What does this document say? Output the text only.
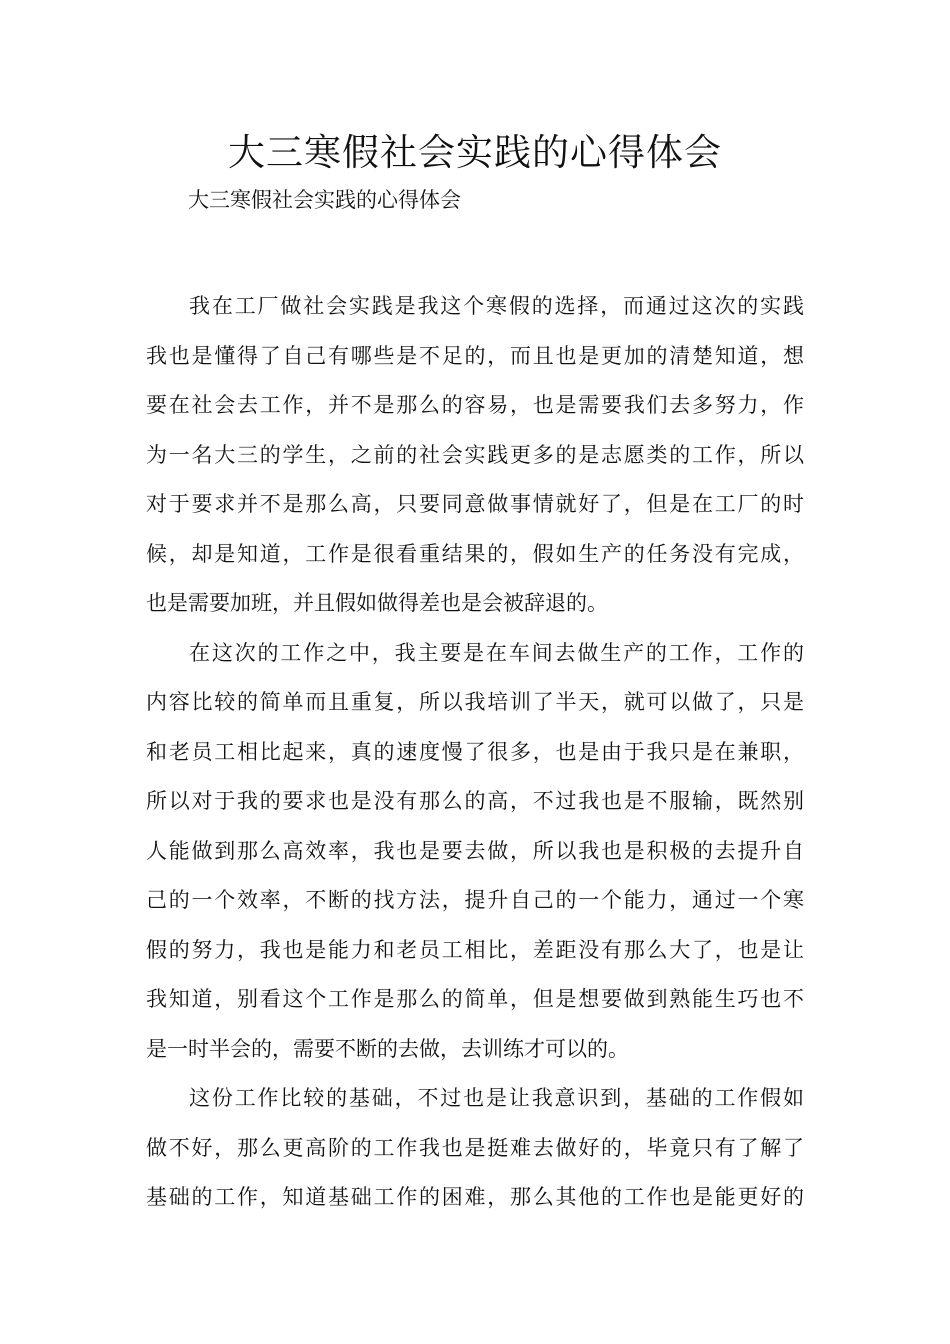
大三寒假社会实践的心得体会

大三寒假社会实践的心得体会

我在工厂做社会实践是我这个寒假的选择，而通过这次的实践
我也是懂得了自己有哪些是不足的，而且也是更加的清楚知道，想
要在社会去工作，并不是那么的容易，也是需要我们去多努力，作
为一名大三的学生，之前的社会实践更多的是志愿类的工作，所以
对于要求并不是那么高，只要同意做事情就好了，但是在工厂的时
候，却是知道，工作是很看重结果的，假如生产的任务没有完成，
也是需要加班，并且假如做得差也是会被辞退的。

在这次的工作之中，我主要是在车间去做生产的工作，工作的
内容比较的简单而且重复，所以我培训了半天，就可以做了，只是
和老员工相比起来，真的速度慢了很多，也是由于我只是在兼职，
所以对于我的要求也是没有那么的高，不过我也是不服输，既然别
人能做到那么高效率，我也是要去做，所以我也是积极的去提升自
己的一个效率，不断的找方法，提升自己的一个能力，通过一个寒
假的努力，我也是能力和老员工相比，差距没有那么大了，也是让
我知道，别看这个工作是那么的简单，但是想要做到熟能生巧也不
是一时半会的，需要不断的去做，去训练才可以的。

这份工作比较的基础，不过也是让我意识到，基础的工作假如
做不好，那么更高阶的工作我也是挺难去做好的，毕竟只有了解了
基础的工作，知道基础工作的困难，那么其他的工作也是能更好的
